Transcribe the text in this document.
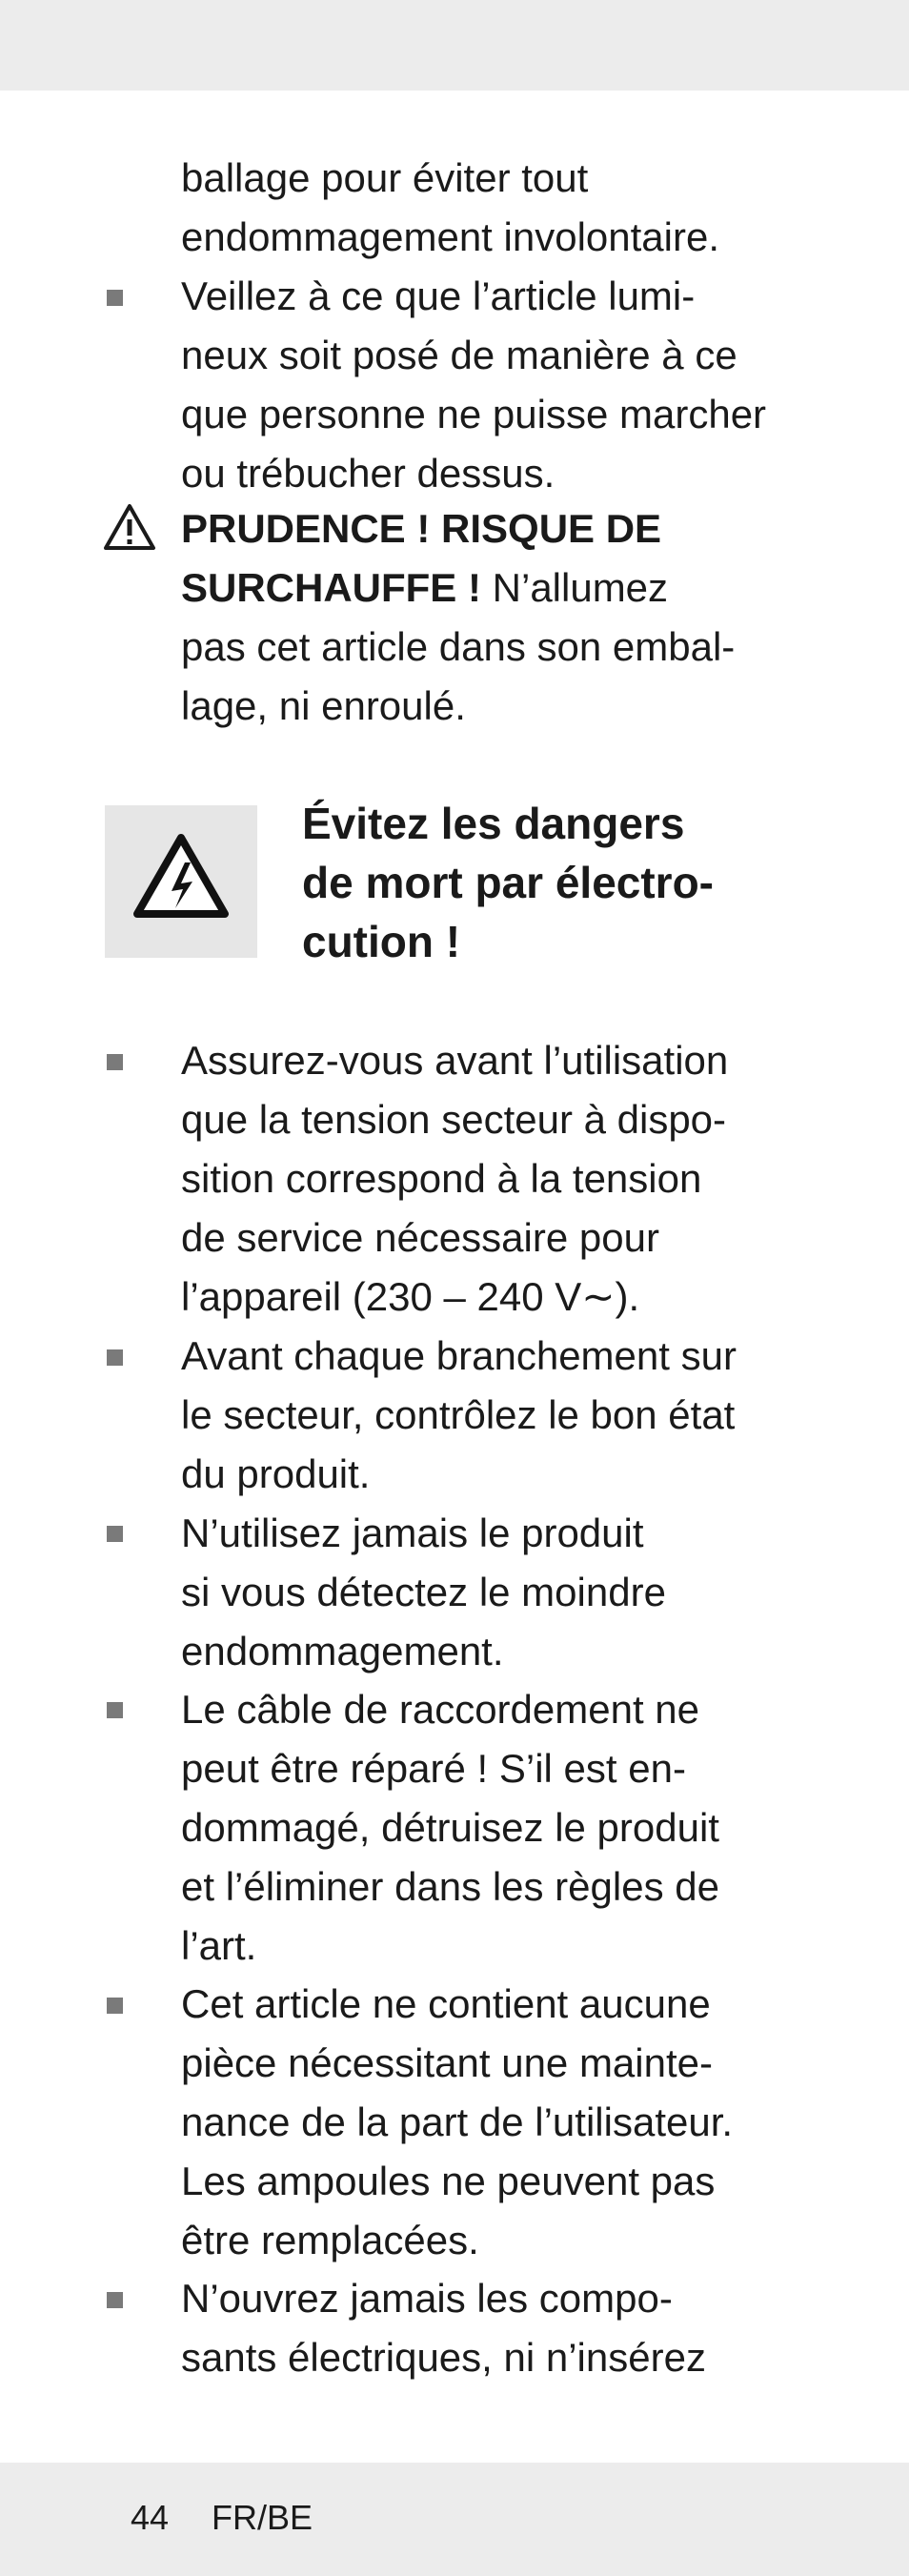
ballage pour éviter tout
endommagement involontaire.
Veillez à ce que l’article lumi-
neux soit posé de manière à ce
que personne ne puisse marcher
ou trébucher dessus.
PRUDENCE ! RISQUE DE
SURCHAUFFE ! N’allumez
pas cet article dans son embal-
lage, ni enroulé.
Évitez les dangers
de mort par électro-
cution !
Assurez-vous avant l’utilisation
que la tension secteur à dispo-
sition correspond à la tension
de service nécessaire pour
l’appareil (230 – 240 V∼).
Avant chaque branchement sur
le secteur, contrôlez le bon état
du produit.
N’utilisez jamais le produit
si vous détectez le moindre
endommagement.
Le câble de raccordement ne
peut être réparé ! S’il est en-
dommagé, détruisez le produit
et l’éliminer dans les règles de
l’art.
Cet article ne contient aucune
pièce nécessitant une mainte-
nance de la part de l’utilisateur.
Les ampoules ne peuvent pas
être remplacées.
N’ouvrez jamais les compo-
sants électriques, ni n’insérez
44 FR/BE
